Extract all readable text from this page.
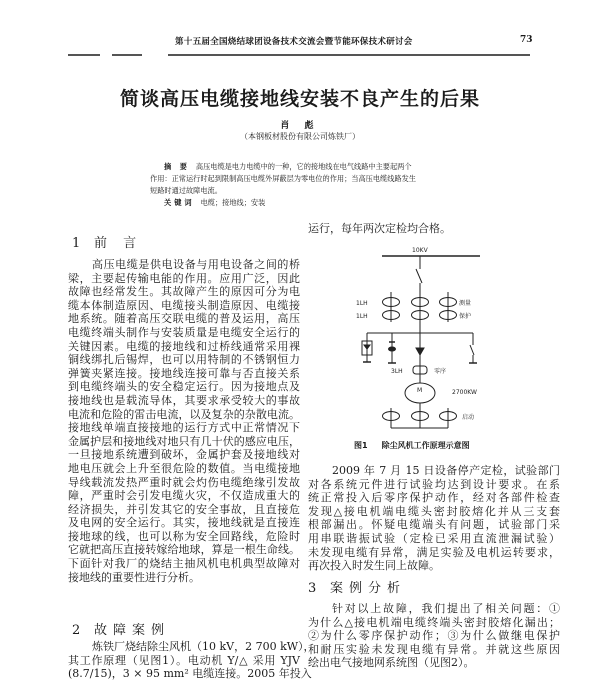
第十五届全国烧结球团设备技术交流会暨节能环保技术研讨会	73
简谈高压电缆接地线安装不良产生的后果
肖 彪
（本钢板材股份有限公司炼铁厂）
摘 要 高压电缆是电力电缆中的一种，它的接地线在电气线路中主要起两个
作用：正常运行时起到限制高压电缆外屏蔽层为零电位的作用；当高压电缆线路发生
短路时通过故障电流。
关键词 电缆；接地线；安装
1 前 言
高压电缆是供电设备与用电设备之间的桥
梁，主要起传输电能的作用。应用广泛，因此
故障也经常发生。其故障产生的原因可分为电
缆本体制造原因、电缆接头制造原因、电缆接
地系统。随着高压交联电缆的普及运用，高压
电缆终端头制作与安装质量是电缆安全运行的
关键因素。电缆的接地线和过桥线通常采用裸
铜线绑扎后锡焊，也可以用特制的不锈钢恒力
弹簧夹紧连接。接地线连接可靠与否直接关系
到电缆终端头的安全稳定运行。因为接地点及
接地线也是载流导体，其要求承受较大的事故
电流和危险的雷击电流，以及复杂的杂散电流。
接地线单端直接接地的运行方式中正常情况下
金属护层和接地线对地只有几十伏的感应电压，
一旦接地系统遭到破坏，金属护套及接地线对
地电压就会上升至很危险的数值。当电缆接地
导线载流发热严重时就会灼伤电缆绝缘引发故
障，严重时会引发电缆火灾，不仅造成重大的
经济损失，并引发其它的安全事故，且直接危
及电网的安全运行。其实，接地线就是直接连
接地球的线，也可以称为安全回路线，危险时
它就把高压直接转嫁给地球，算是一根生命线。
下面针对我厂的烧结主抽风机电机典型故障对
接地线的重要性进行分析。
2 故障案例
炼铁厂烧结除尘风机（10 kV，2 700 kW），
其工作原理（见图1）。电动机 Y/△ 采用 YJV
(8.7/15)，3 × 95 mm² 电缆连接。2005 年投入
运行，每年两次定检均合格。
10KV
1LH
1LH
测量
保护
3LH	零序
M	2700KW
启动
图1 除尘风机工作原理示意图
2009 年 7 月 15 日设备停产定检，试验部门
对各系统元件进行试验均达到设计要求。在系
统正常投入后零序保护动作，经对各部件检查
发现△接电机端电缆头密封胶熔化并从三支套
根部漏出。怀疑电缆端头有问题，试验部门采
用串联谐振试验（定检已采用直流泄漏试验）
未发现电缆有异常，满足实验及电机运转要求，
再次投入时发生同上故障。
3 案例分析
针对以上故障，我们提出了相关问题：①
为什么△接电机端电缆终端头密封胶熔化漏出；
②为什么零序保护动作；③为什么做继电保护
和耐压实验未发现电缆有异常。并就这些原因
绘出电气接地网系统图（见图2）。
